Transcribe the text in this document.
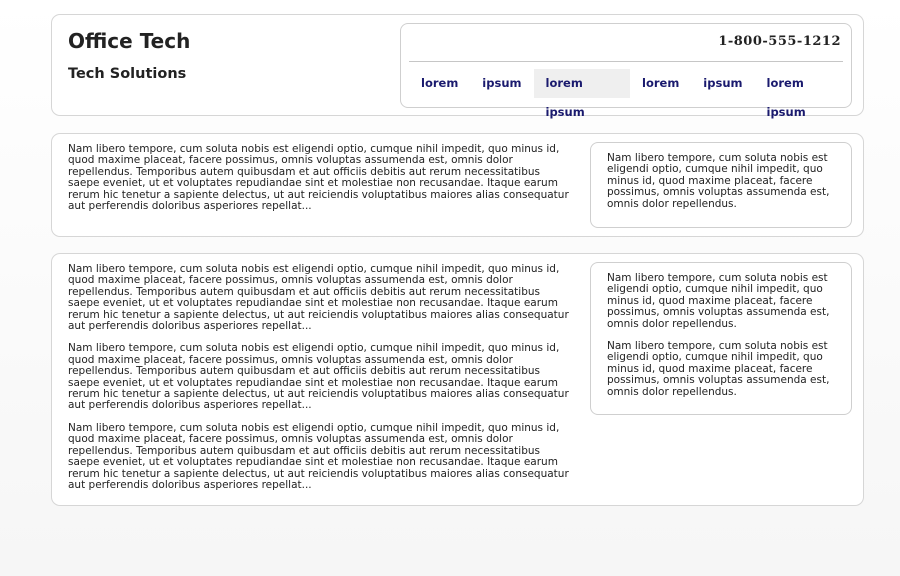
Office Tech
Tech Solutions
1-800-555-1212
lorem	ipsum	lorem ipsum
lorem	ipsum	lorem ipsum

Nam libero tempore, cum soluta nobis est eligendi optio, cumque nihil impedit, quo minus id, quod maxime placeat, facere possimus, omnis voluptas assumenda est, omnis dolor repellendus. Temporibus autem quibusdam et aut officiis debitis aut rerum necessitatibus saepe eveniet, ut et voluptates repudiandae sint et molestiae non recusandae. Itaque earum rerum hic tenetur a sapiente delectus, ut aut reiciendis voluptatibus maiores alias consequatur aut perferendis doloribus asperiores repellat...

Nam libero tempore, cum soluta nobis est eligendi optio, cumque nihil impedit, quo minus id, quod maxime placeat, facere possimus, omnis voluptas assumenda est, omnis dolor repellendus.

Nam libero tempore, cum soluta nobis est eligendi optio, cumque nihil impedit, quo minus id, quod maxime placeat, facere possimus, omnis voluptas assumenda est, omnis dolor repellendus. Temporibus autem quibusdam et aut officiis debitis aut rerum necessitatibus saepe eveniet, ut et voluptates repudiandae sint et molestiae non recusandae. Itaque earum rerum hic tenetur a sapiente delectus, ut aut reiciendis voluptatibus maiores alias consequatur aut perferendis doloribus asperiores repellat...

Nam libero tempore, cum soluta nobis est eligendi optio, cumque nihil impedit, quo minus id, quod maxime placeat, facere possimus, omnis voluptas assumenda est, omnis dolor repellendus. Temporibus autem quibusdam et aut officiis debitis aut rerum necessitatibus saepe eveniet, ut et voluptates repudiandae sint et molestiae non recusandae. Itaque earum rerum hic tenetur a sapiente delectus, ut aut reiciendis voluptatibus maiores alias consequatur aut perferendis doloribus asperiores repellat...

Nam libero tempore, cum soluta nobis est eligendi optio, cumque nihil impedit, quo minus id, quod maxime placeat, facere possimus, omnis voluptas assumenda est, omnis dolor repellendus. Temporibus autem quibusdam et aut officiis debitis aut rerum necessitatibus saepe eveniet, ut et voluptates repudiandae sint et molestiae non recusandae. Itaque earum rerum hic tenetur a sapiente delectus, ut aut reiciendis voluptatibus maiores alias consequatur aut perferendis doloribus asperiores repellat...

Nam libero tempore, cum soluta nobis est eligendi optio, cumque nihil impedit, quo minus id, quod maxime placeat, facere possimus, omnis voluptas assumenda est, omnis dolor repellendus.

Nam libero tempore, cum soluta nobis est eligendi optio, cumque nihil impedit, quo minus id, quod maxime placeat, facere possimus, omnis voluptas assumenda est, omnis dolor repellendus.
